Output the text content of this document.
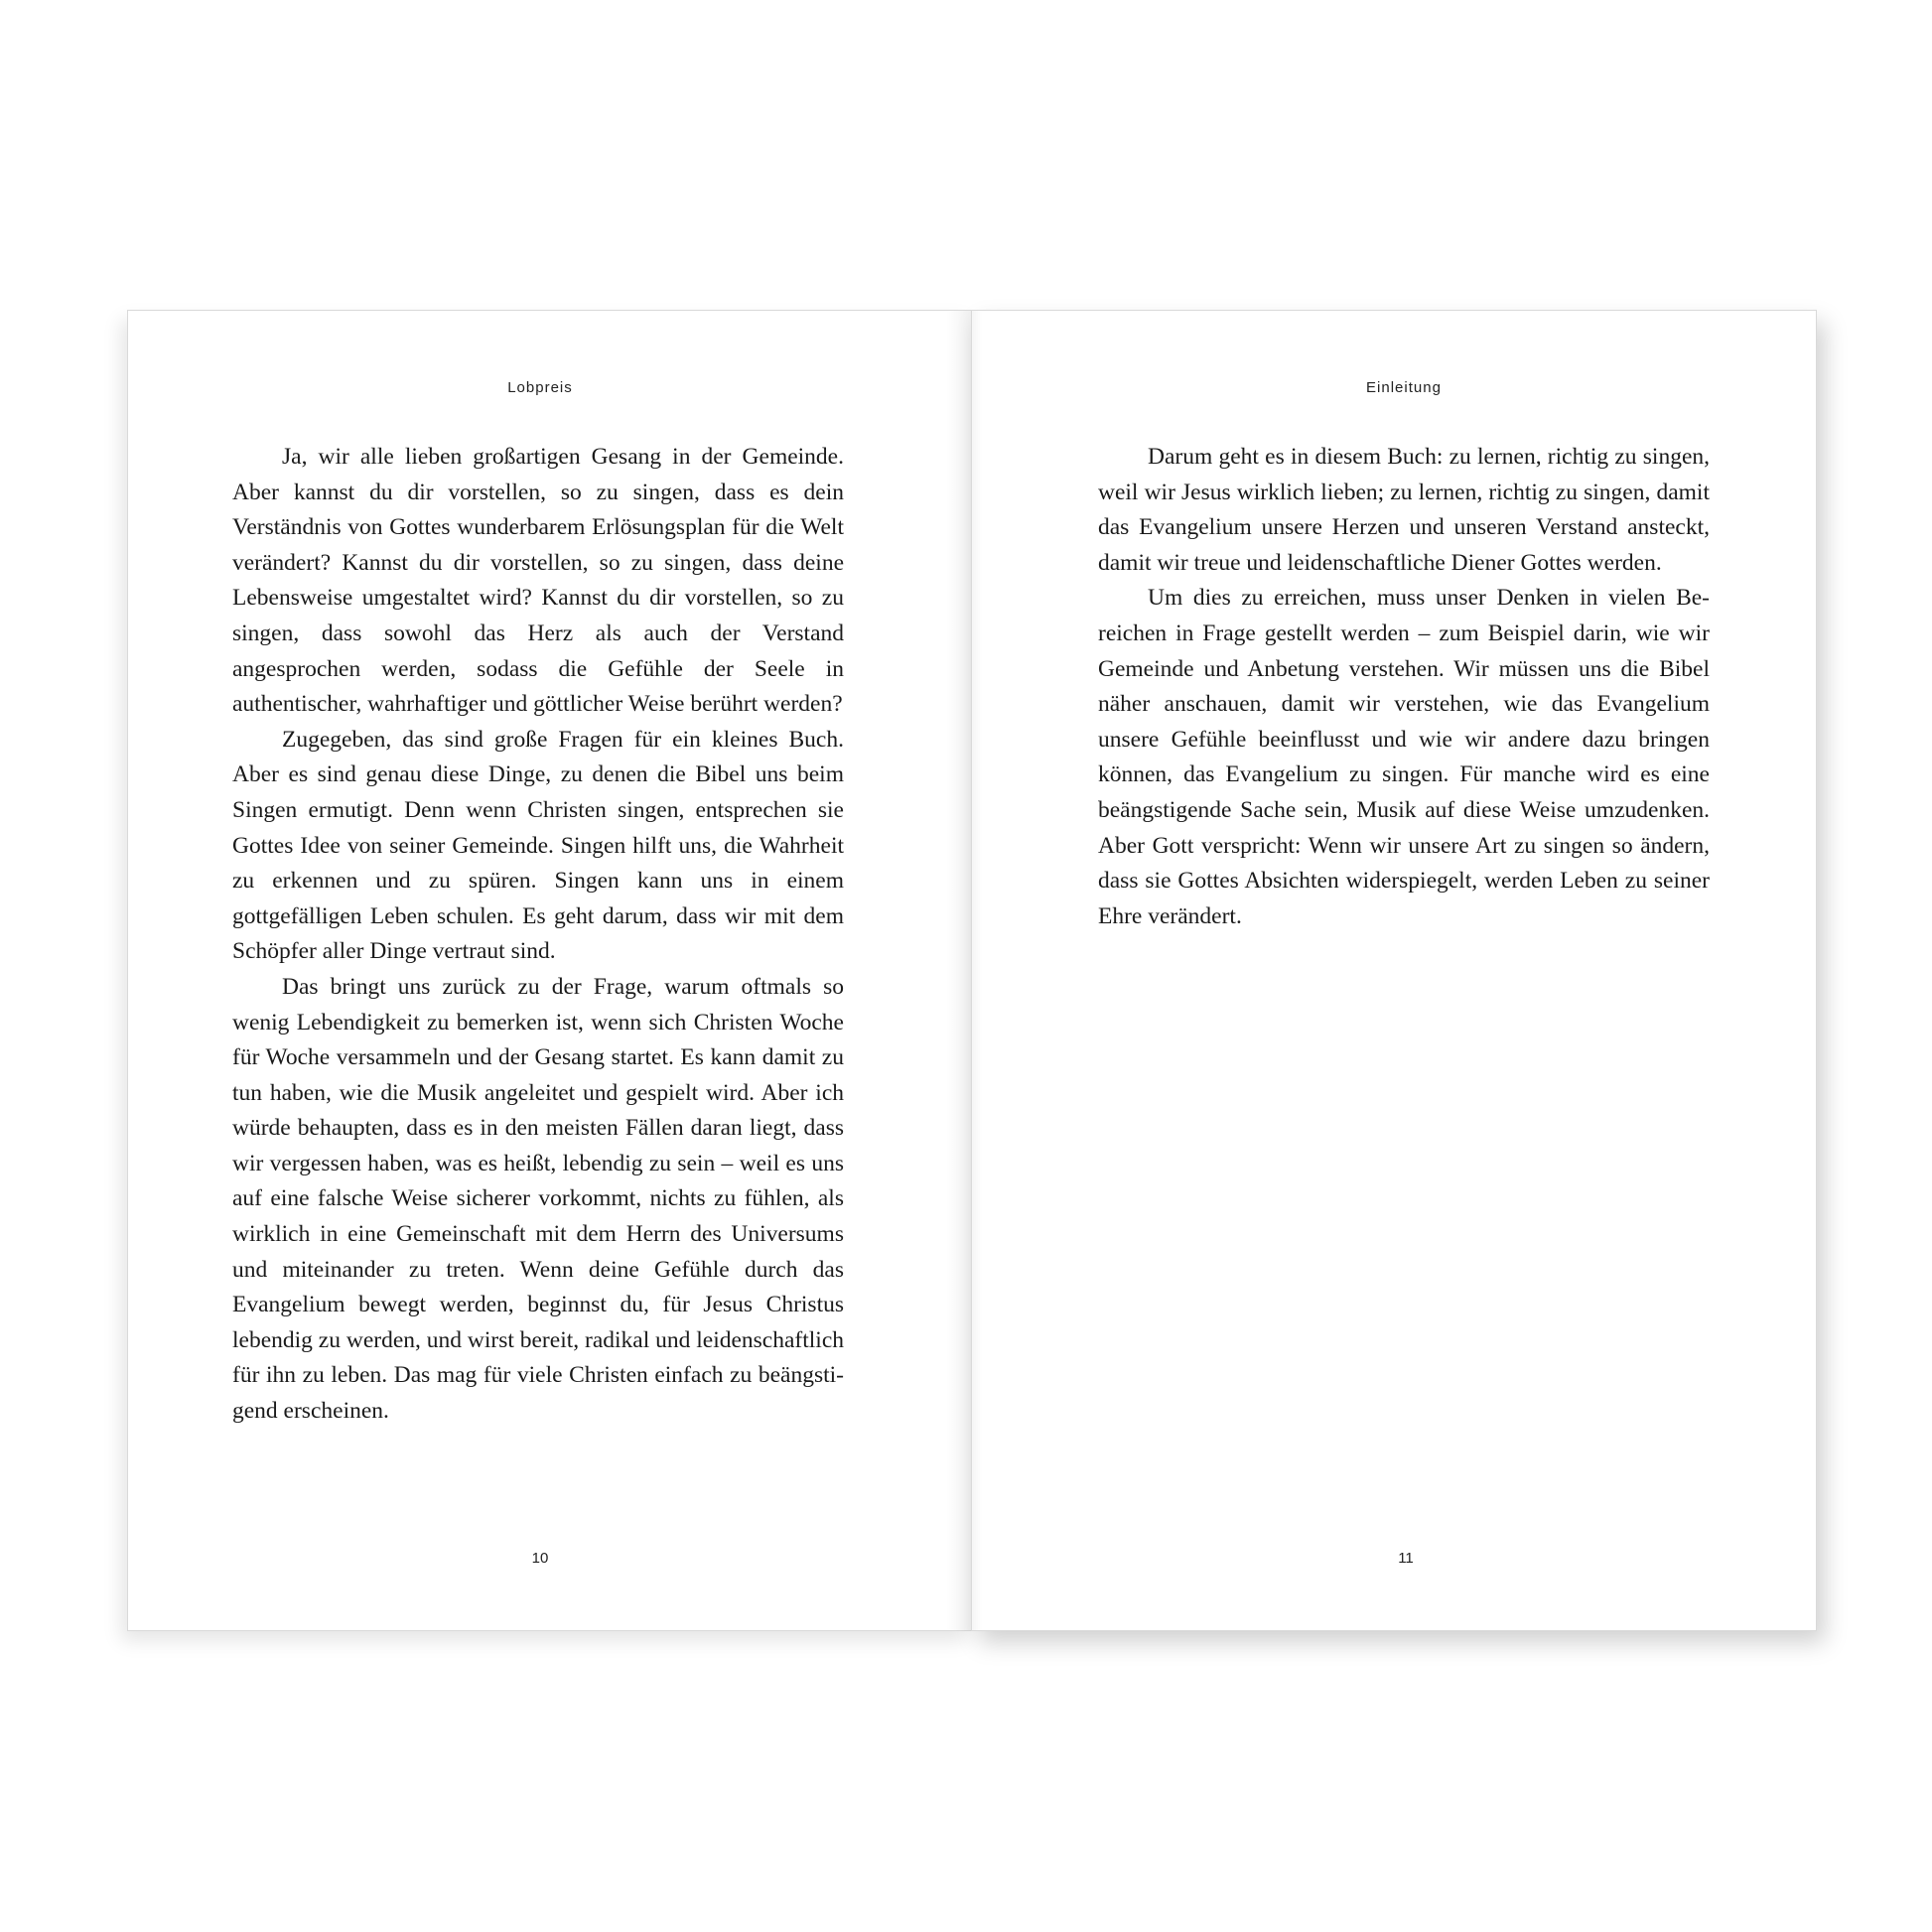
Lobpreis

Ja, wir alle lieben großartigen Gesang in der Gemeinde. Aber kannst du dir vorstellen, so zu singen, dass es dein Verständnis von Gottes wunderbarem Erlösungsplan für die Welt verändert? Kannst du dir vorstellen, so zu singen, dass deine Lebensweise umgestaltet wird? Kannst du dir vorstellen, so zu singen, dass sowohl das Herz als auch der Verstand angesprochen werden, sodass die Gefühle der Seele in authentischer, wahrhaftiger und göttlicher Weise berührt werden?

Zugegeben, das sind große Fragen für ein kleines Buch. Aber es sind genau diese Dinge, zu denen die Bibel uns beim Singen ermutigt. Denn wenn Christen singen, entsprechen sie Gottes Idee von seiner Gemeinde. Singen hilft uns, die Wahrheit zu erkennen und zu spüren. Singen kann uns in einem gottgefälligen Leben schulen. Es geht darum, dass wir mit dem Schöpfer aller Dinge vertraut sind.

Das bringt uns zurück zu der Frage, warum oftmals so wenig Lebendigkeit zu bemerken ist, wenn sich Christen Woche für Woche versammeln und der Gesang startet. Es kann damit zu tun haben, wie die Musik angeleitet und gespielt wird. Aber ich würde behaupten, dass es in den meisten Fällen daran liegt, dass wir vergessen haben, was es heißt, lebendig zu sein – weil es uns auf eine falsche Weise sicherer vorkommt, nichts zu fühlen, als wirklich in eine Gemeinschaft mit dem Herrn des Universums und miteinander zu treten. Wenn deine Gefühle durch das Evangelium bewegt werden, beginnst du, für Jesus Christus lebendig zu werden, und wirst bereit, radikal und leidenschaftlich für ihn zu leben. Das mag für viele Christen einfach zu beängstigend erscheinen.

10
Einleitung

Darum geht es in diesem Buch: zu lernen, richtig zu singen, weil wir Jesus wirklich lieben; zu lernen, richtig zu singen, damit das Evangelium unsere Herzen und unseren Verstand ansteckt, damit wir treue und leidenschaftliche Diener Gottes werden.

Um dies zu erreichen, muss unser Denken in vielen Bereichen in Frage gestellt werden – zum Beispiel darin, wie wir Gemeinde und Anbetung verstehen. Wir müssen uns die Bibel näher anschauen, damit wir verstehen, wie das Evangelium unsere Gefühle beeinflusst und wie wir andere dazu bringen können, das Evangelium zu singen. Für manche wird es eine beängstigende Sache sein, Musik auf diese Weise umzudenken. Aber Gott verspricht: Wenn wir unsere Art zu singen so ändern, dass sie Gottes Absichten widerspiegelt, werden Leben zu seiner Ehre verändert.

11
